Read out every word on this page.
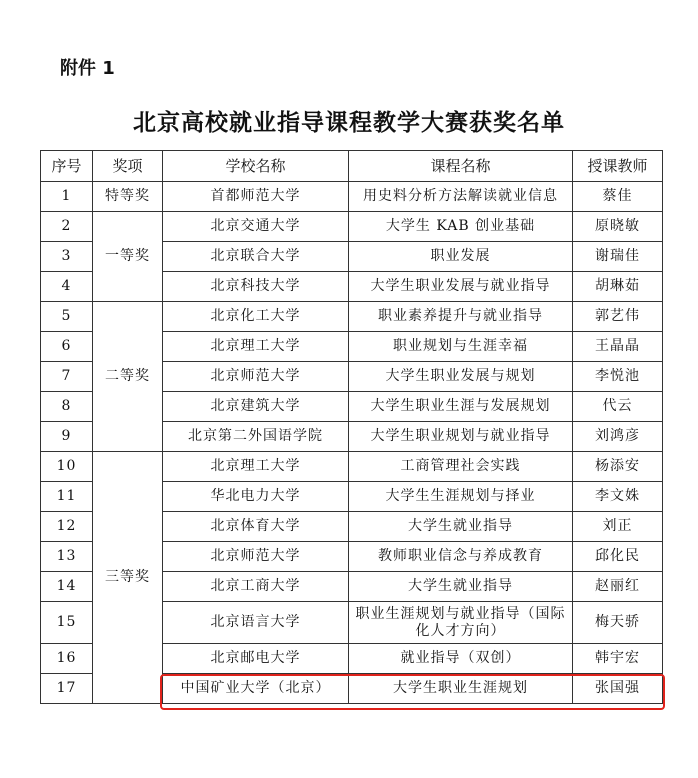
附件 1
北京高校就业指导课程教学大赛获奖名单
序号	奖项	学校名称	课程名称	授课教师
1	特等奖	首都师范大学	用史料分析方法解读就业信息	蔡佳
2	一等奖	北京交通大学	大学生 KAB 创业基础	原晓敏
3		北京联合大学	职业发展	谢瑞佳
4		北京科技大学	大学生职业发展与就业指导	胡琳茹
5	二等奖	北京化工大学	职业素养提升与就业指导	郭艺伟
6		北京理工大学	职业规划与生涯幸福	王晶晶
7		北京师范大学	大学生职业发展与规划	李悦池
8		北京建筑大学	大学生职业生涯与发展规划	代云
9		北京第二外国语学院	大学生职业规划与就业指导	刘鸿彦
10	三等奖	北京理工大学	工商管理社会实践	杨添安
11		华北电力大学	大学生生涯规划与择业	李文姝
12		北京体育大学	大学生就业指导	刘正
13		北京师范大学	教师职业信念与养成教育	邱化民
14		北京工商大学	大学生就业指导	赵丽红
15		北京语言大学	职业生涯规划与就业指导（国际化人才方向）	梅天骄
16		北京邮电大学	就业指导（双创）	韩宇宏
17		中国矿业大学（北京）	大学生职业生涯规划	张国强
